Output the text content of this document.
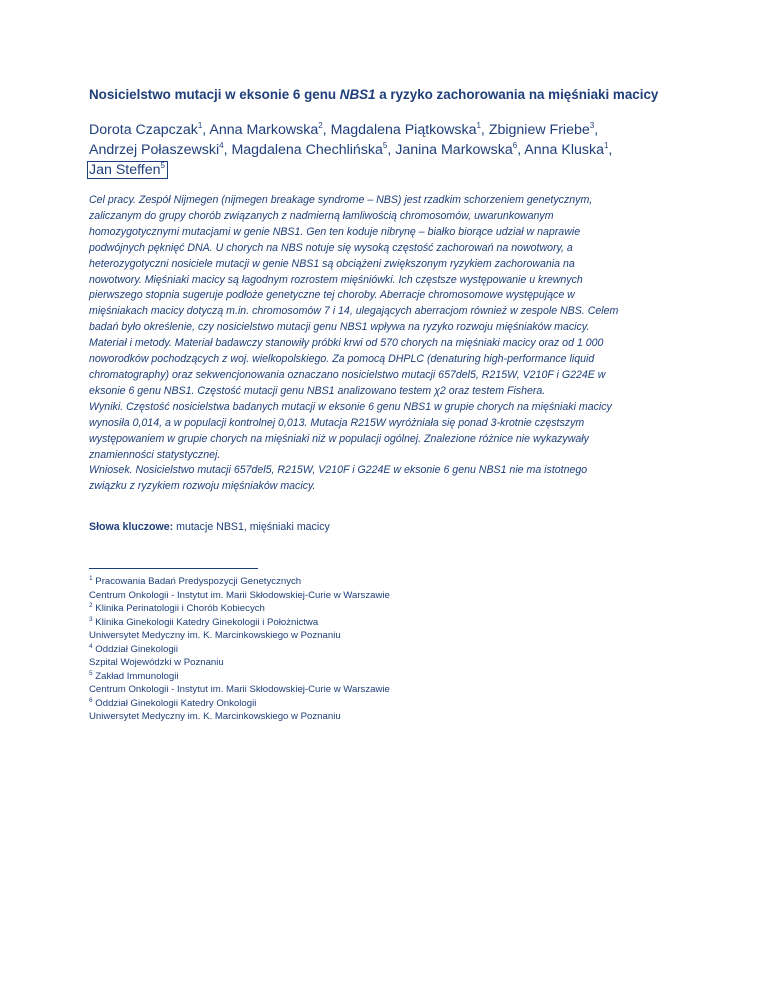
Nosicielstwo mutacji w eksonie 6 genu NBS1 a ryzyko zachorowania na mięśniaki macicy
Dorota Czapczak$^1$, Anna Markowska$^2$, Magdalena Piątkowska$^1$, Zbigniew Friebe$^3$,
Andrzej Połaszewski$^4$, Magdalena Chechlińska$^5$, Janina Markowska$^6$, Anna Kluska$^1$,
Jan Steffen$^5$

Cel pracy. Zespół Nijmegen (nijmegen breakage syndrome – NBS) jest rzadkim schorzeniem genetycznym,

zaliczanym do grupy chorób związanych z nadmierną łamliwością chromosomów, uwarunkowanym

homozygotycznymi mutacjami w genie NBS1. Gen ten koduje nibrynę – białko biorące udział w naprawie

podwójnych pęknięć DNA. U chorych na NBS notuje się wysoką częstość zachorowań na nowotwory, a

heterozygotyczni nosiciele mutacji w genie NBS1 są obciążeni zwiększonym ryzykiem zachorowania na

nowotwory. Mięśniaki macicy są łagodnym rozrostem mięśniówki. Ich częstsze występowanie u krewnych

pierwszego stopnia sugeruje podłoże genetyczne tej choroby. Aberracje chromosomowe występujące w

mięśniakach macicy dotyczą m.in. chromosomów 7 i 14, ulegających aberracjom również w zespole NBS. Celem

badań było określenie, czy nosicielstwo mutacji genu NBS1 wpływa na ryzyko rozwoju mięśniaków macicy.

Materiał i metody. Materiał badawczy stanowiły próbki krwi od 570 chorych na mięśniaki macicy oraz od 1 000

noworodków pochodzących z woj. wielkopolskiego. Za pomocą DHPLC (denaturing high-performance liquid

chromatography) oraz sekwencjonowania oznaczano nosicielstwo mutacji 657del5, R215W, V210F i G224E w

eksonie 6 genu NBS1. Częstość mutacji genu NBS1 analizowano testem χ2 oraz testem Fishera.

Wyniki. Częstość nosicielstwa badanych mutacji w eksonie 6 genu NBS1 w grupie chorych na mięśniaki macicy

wynosiła 0,014, a w populacji kontrolnej 0,013. Mutacja R215W wyróżniała się ponad 3-krotnie częstszym

występowaniem w grupie chorych na mięśniaki niż w populacji ogólnej. Znalezione różnice nie wykazywały

znamienności statystycznej.

Wniosek. Nosicielstwo mutacji 657del5, R215W, V210F i G224E w eksonie 6 genu NBS1 nie ma istotnego

związku z ryzykiem rozwoju mięśniaków macicy.

Słowa kluczowe: mutacje NBS1, mięśniaki macicy
$^1$ Pracowania Badań Predyspozycji Genetycznych
Centrum Onkologii - Instytut im. Marii Skłodowskiej-Curie w Warszawie
$^2$ Klinika Perinatologii i Chorób Kobiecych
$^3$ Klinika Ginekologii Katedry Ginekologii i Położnictwa
Uniwersytet Medyczny im. K. Marcinkowskiego w Poznaniu
$^4$ Oddział Ginekologii
Szpital Wojewódzki w Poznaniu
$^5$ Zakład Immunologii
Centrum Onkologii - Instytut im. Marii Skłodowskiej-Curie w Warszawie
$^6$ Oddział Ginekologii Katedry Onkologii
Uniwersytet Medyczny im. K. Marcinkowskiego w Poznaniu
